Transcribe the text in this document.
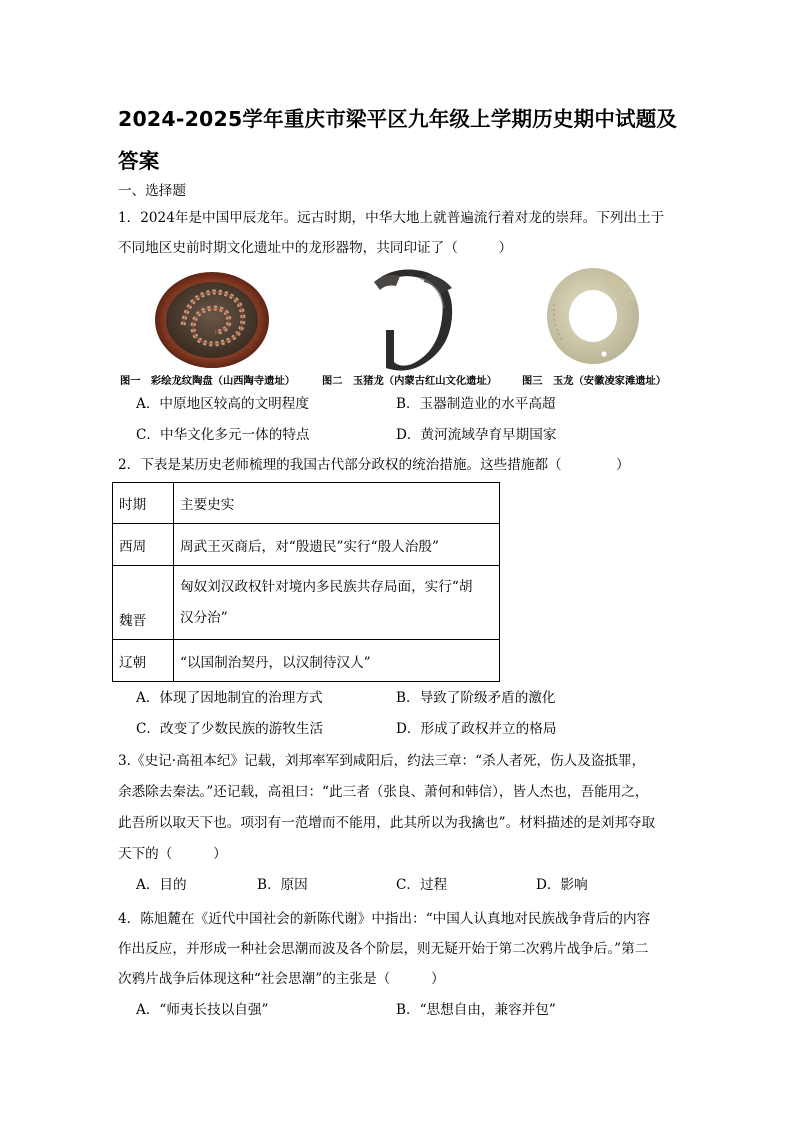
2024-2025学年重庆市梁平区九年级上学期历史期中试题及答案
一、选择题
1．2024年是中国甲辰龙年。远古时期，中华大地上就普遍流行着对龙的崇拜。下列出土于
不同地区史前时期文化遗址中的龙形器物，共同印证了（　　　）
图一　彩绘龙纹陶盘（山西陶寺遗址）	图二　玉猪龙（内蒙古红山文化遗址） 图三　玉龙（安徽凌家滩遗址）
A．中原地区较高的文明程度	B．玉器制造业的水平高超
C．中华文化多元一体的特点	D．黄河流域孕育早期国家
2．下表是某历史老师梳理的我国古代部分政权的统治措施。这些措施都（　　　　）
时期	主要史实
西周	周武王灭商后，对“殷遗民”实行“殷人治殷”
魏晋	匈奴刘汉政权针对境内多民族共存局面，实行“胡
汉分治”

辽朝	“以国制治契丹，以汉制待汉人”
A．体现了因地制宜的治理方式	B．导致了阶级矛盾的激化
C．改变了少数民族的游牧生活	D．形成了政权并立的格局
3.《史记·高祖本纪》记载，刘邦率军到咸阳后，约法三章：“杀人者死，伤人及盗抵罪，
余悉除去秦法。”还记载，高祖曰：“此三者（张良、萧何和韩信），皆人杰也，吾能用之，
此吾所以取天下也。项羽有一范增而不能用，此其所以为我擒也”。材料描述的是刘邦夺取
天下的（　　　）
A．目的	B．原因	C．过程	D．影响
4．陈旭麓在《近代中国社会的新陈代谢》中指出：“中国人认真地对民族战争背后的内容
作出反应，并形成一种社会思潮而波及各个阶层，则无疑开始于第二次鸦片战争后。”第二
次鸦片战争后体现这种“社会思潮”的主张是（　　　）
A．“师夷长技以自强”	B．“思想自由，兼容并包”
